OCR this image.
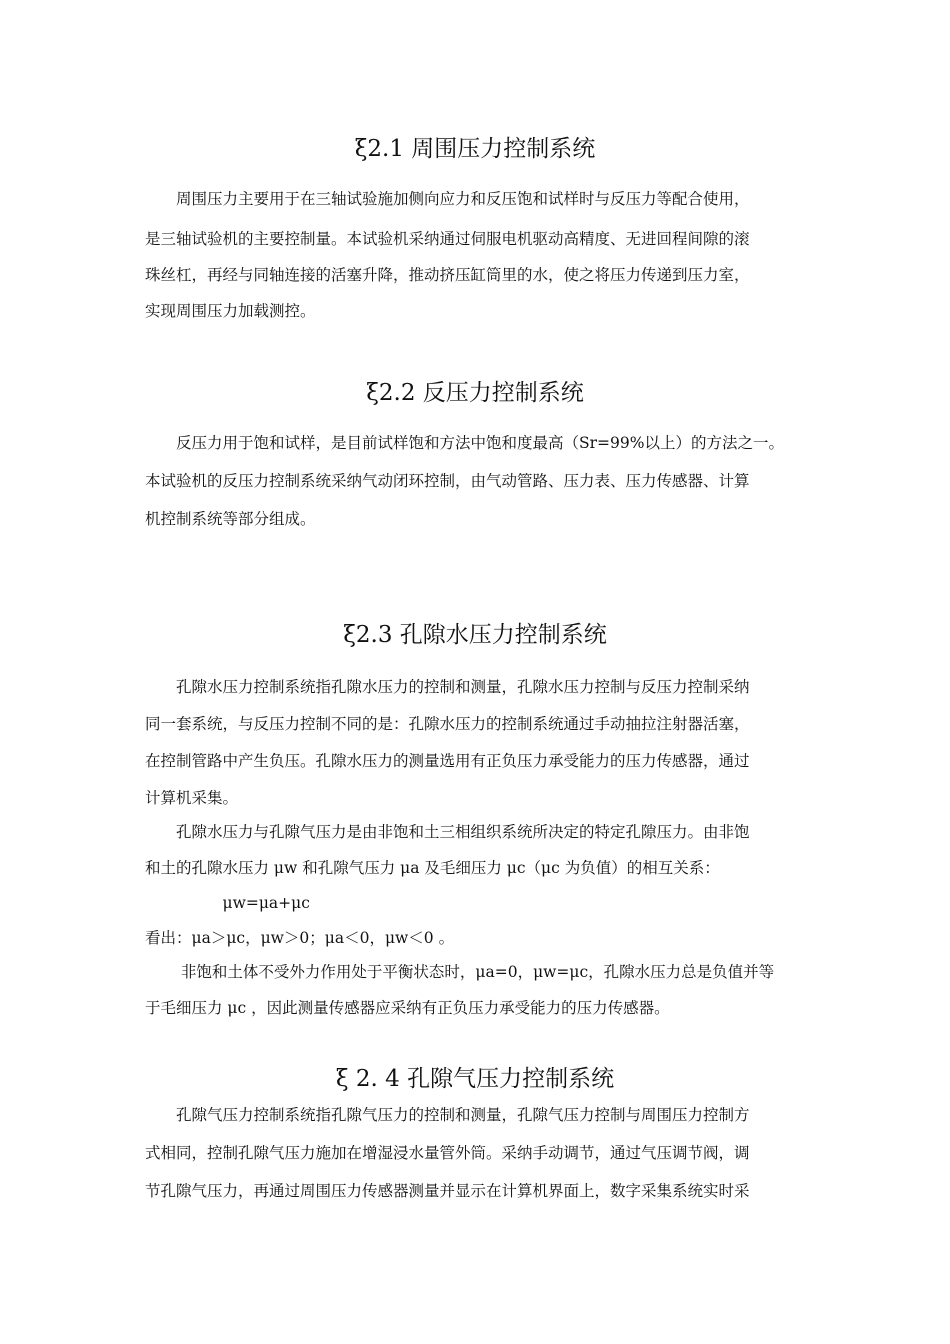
ξ2.1 周围压力控制系统
　　周围压力主要用于在三轴试验施加侧向应力和反压饱和试样时与反压力等配合使用，
是三轴试验机的主要控制量。本试验机采纳通过伺服电机驱动高精度、无进回程间隙的滚
珠丝杠，再经与同轴连接的活塞升降，推动挤压缸筒里的水，使之将压力传递到压力室，
实现周围压力加载测控。
ξ2.2 反压力控制系统
　　反压力用于饱和试样，是目前试样饱和方法中饱和度最高（Sr=99%以上）的方法之一。
本试验机的反压力控制系统采纳气动闭环控制，由气动管路、压力表、压力传感器、计算
机控制系统等部分组成。
ξ2.3 孔隙水压力控制系统
　　孔隙水压力控制系统指孔隙水压力的控制和测量，孔隙水压力控制与反压力控制采纳
同一套系统，与反压力控制不同的是：孔隙水压力的控制系统通过手动抽拉注射器活塞，
在控制管路中产生负压。孔隙水压力的测量选用有正负压力承受能力的压力传感器，通过
计算机采集。
　　孔隙水压力与孔隙气压力是由非饱和土三相组织系统所决定的特定孔隙压力。由非饱
和土的孔隙水压力 μw 和孔隙气压力 μa 及毛细压力 μc（μc 为负值）的相互关系：
　　　　　μw=μa+μc
看出：μa＞μc，μw＞0；μa＜0，μw＜0 。
　　 非饱和土体不受外力作用处于平衡状态时，μa=0，μw=μc，孔隙水压力总是负值并等
于毛细压力 μc ，因此测量传感器应采纳有正负压力承受能力的压力传感器。
ξ 2. 4 孔隙气压力控制系统
　　孔隙气压力控制系统指孔隙气压力的控制和测量，孔隙气压力控制与周围压力控制方
式相同，控制孔隙气压力施加在增湿浸水量管外筒。采纳手动调节，通过气压调节阀，调
节孔隙气压力，再通过周围压力传感器测量并显示在计算机界面上，数字采集系统实时采
